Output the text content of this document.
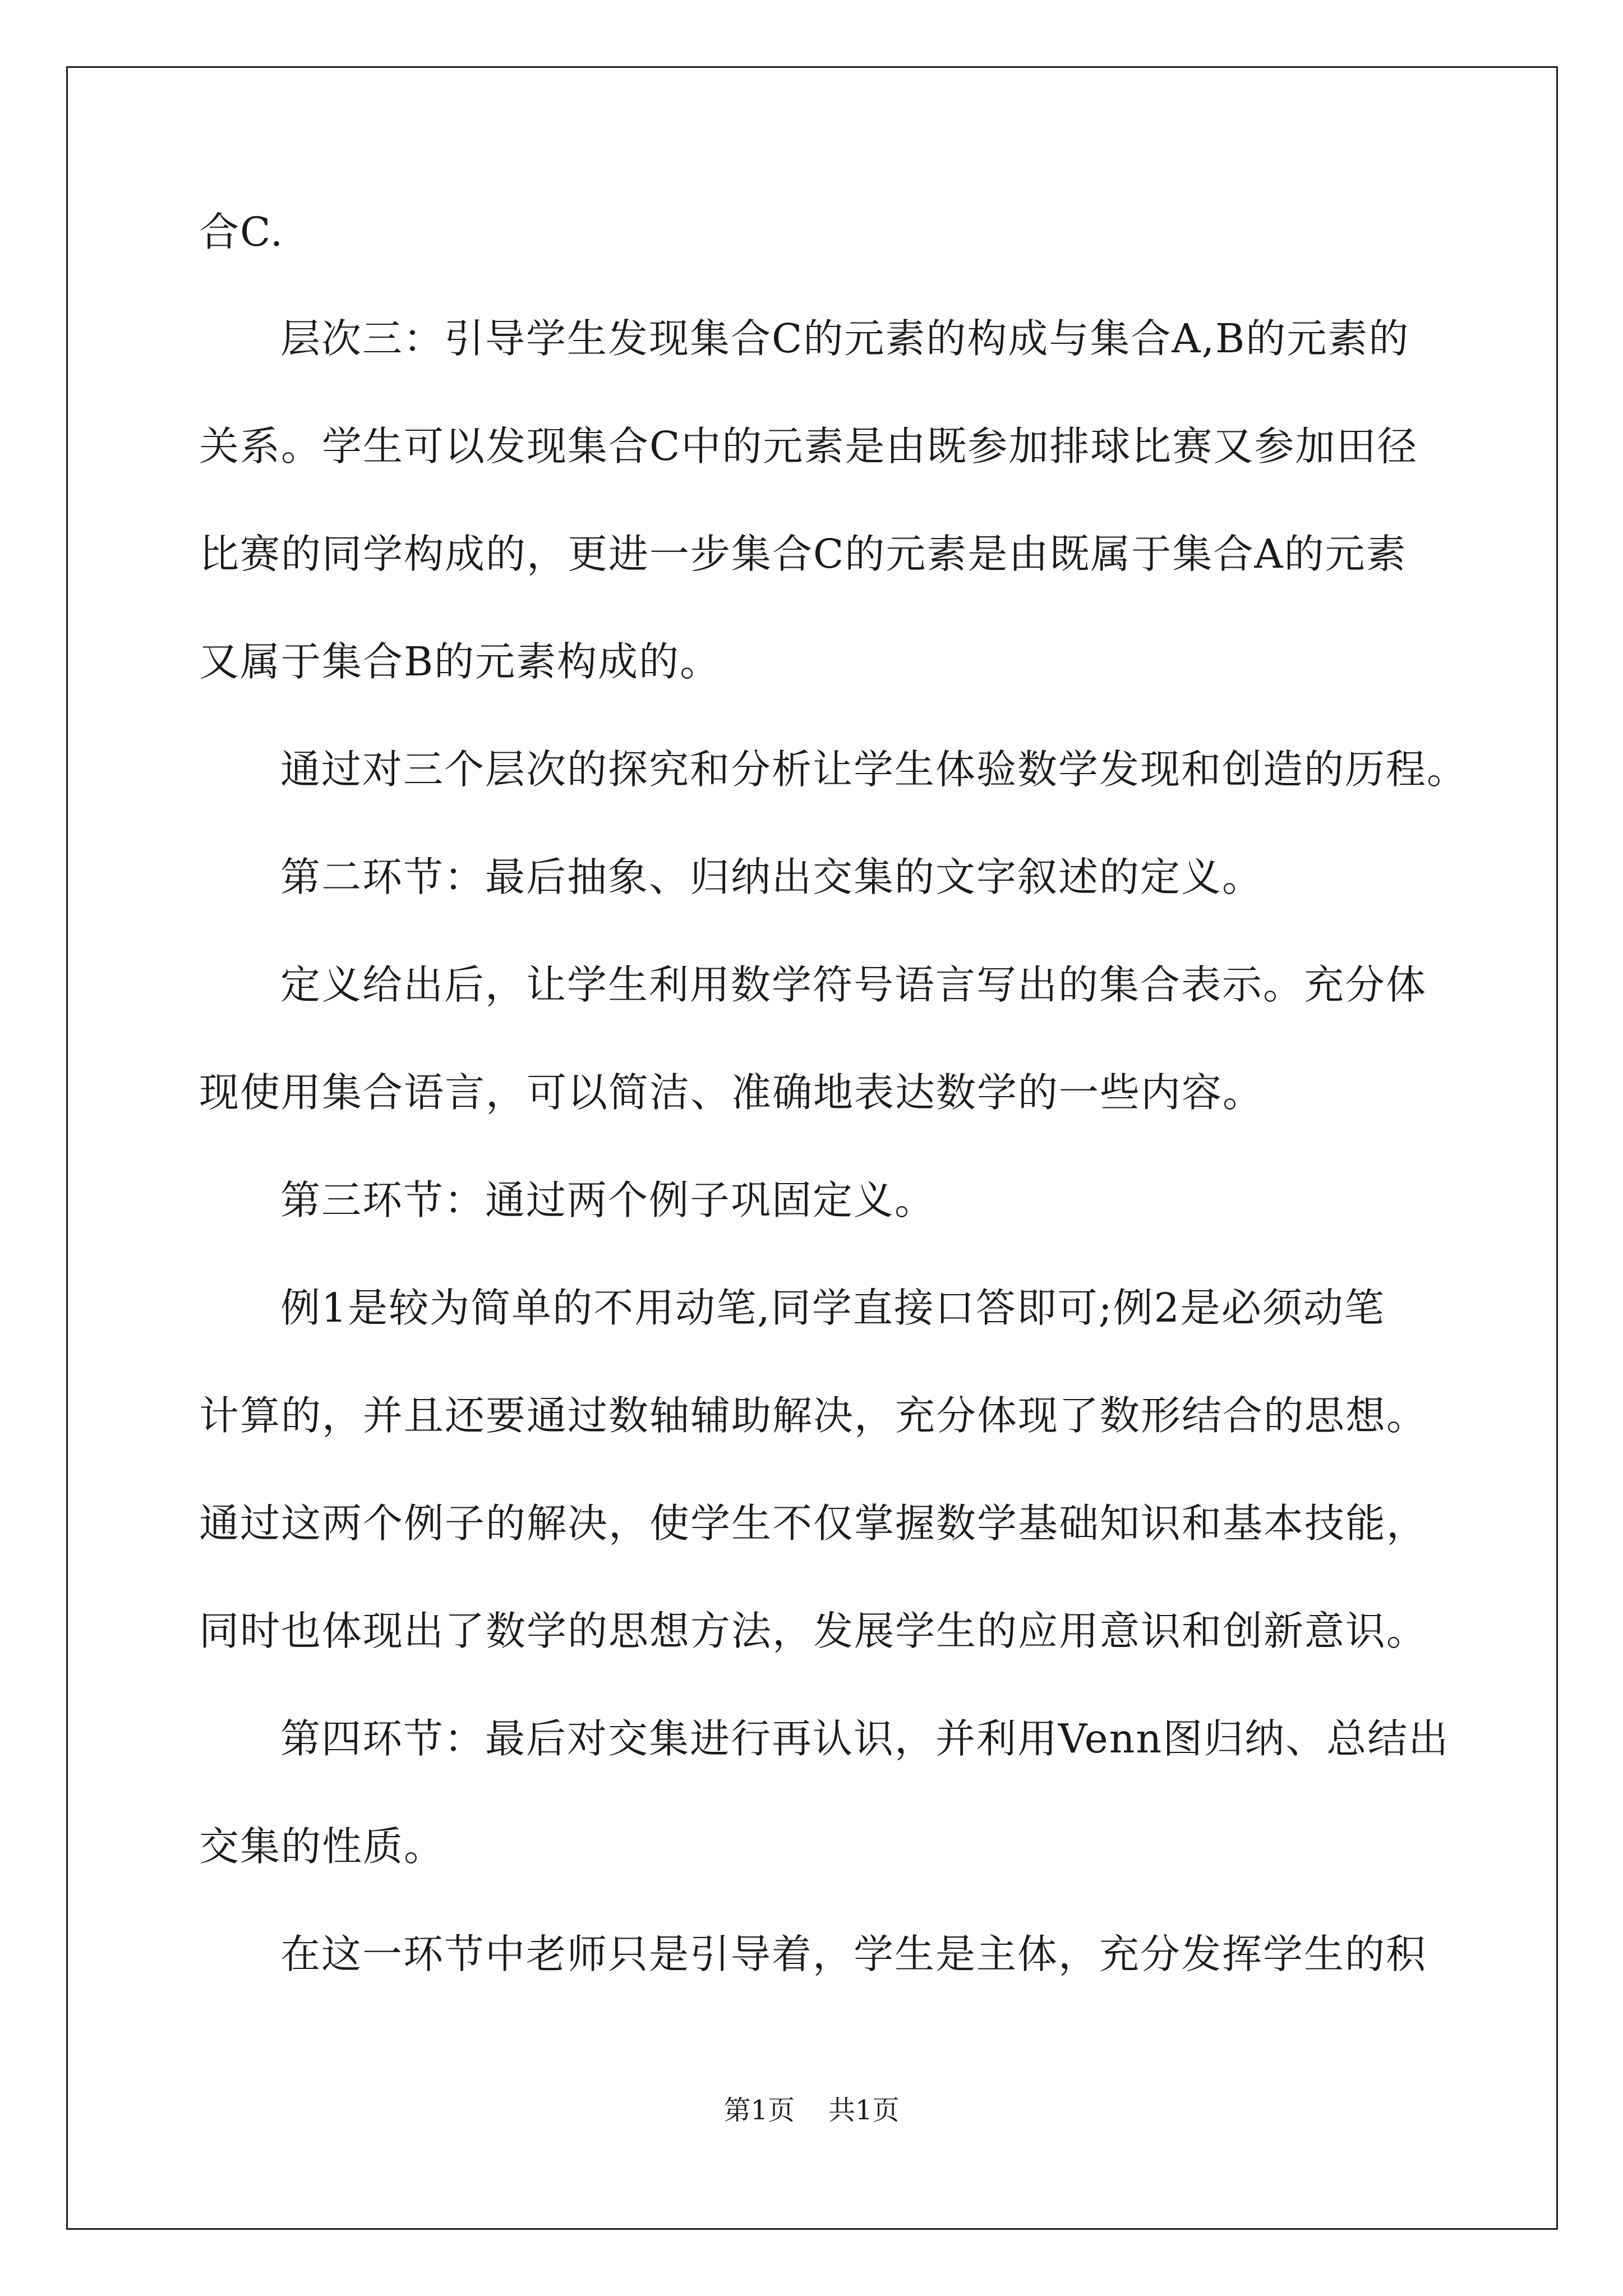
合C.
层次三：引导学生发现集合C的元素的构成与集合A,B的元素的
关系。学生可以发现集合C中的元素是由既参加排球比赛又参加田径
比赛的同学构成的，更进一步集合C的元素是由既属于集合A的元素
又属于集合B的元素构成的。
通过对三个层次的探究和分析让学生体验数学发现和创造的历程。
第二环节：最后抽象、归纳出交集的文字叙述的定义。
定义给出后，让学生利用数学符号语言写出的集合表示。充分体
现使用集合语言，可以简洁、准确地表达数学的一些内容。
第三环节：通过两个例子巩固定义。
例1是较为简单的不用动笔,同学直接口答即可;例2是必须动笔
计算的，并且还要通过数轴辅助解决，充分体现了数形结合的思想。
通过这两个例子的解决，使学生不仅掌握数学基础知识和基本技能，
同时也体现出了数学的思想方法，发展学生的应用意识和创新意识。
第四环节：最后对交集进行再认识，并利用Venn图归纳、总结出
交集的性质。
在这一环节中老师只是引导着，学生是主体，充分发挥学生的积
第1页 共1页
